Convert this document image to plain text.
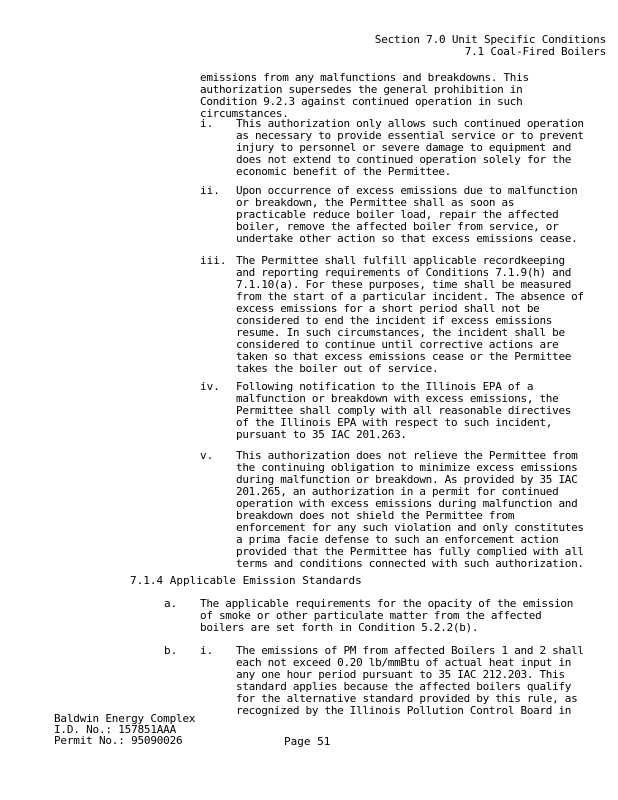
Section 7.0 Unit Specific Conditions
7.1 Coal-Fired Boilers
emissions from any malfunctions and breakdowns. This authorization supersedes the general prohibition in Condition 9.2.3 against continued operation in such circumstances.
i. This authorization only allows such continued operation as necessary to provide essential service or to prevent injury to personnel or severe damage to equipment and does not extend to continued operation solely for the economic benefit of the Permittee.
ii. Upon occurrence of excess emissions due to malfunction or breakdown, the Permittee shall as soon as practicable reduce boiler load, repair the affected boiler, remove the affected boiler from service, or undertake other action so that excess emissions cease.
iii. The Permittee shall fulfill applicable recordkeeping and reporting requirements of Conditions 7.1.9(h) and 7.1.10(a). For these purposes, time shall be measured from the start of a particular incident. The absence of excess emissions for a short period shall not be considered to end the incident if excess emissions resume. In such circumstances, the incident shall be considered to continue until corrective actions are taken so that excess emissions cease or the Permittee takes the boiler out of service.
iv. Following notification to the Illinois EPA of a malfunction or breakdown with excess emissions, the Permittee shall comply with all reasonable directives of the Illinois EPA with respect to such incident, pursuant to 35 IAC 201.263.
v. This authorization does not relieve the Permittee from the continuing obligation to minimize excess emissions during malfunction or breakdown. As provided by 35 IAC 201.265, an authorization in a permit for continued operation with excess emissions during malfunction and breakdown does not shield the Permittee from enforcement for any such violation and only constitutes a prima facie defense to such an enforcement action provided that the Permittee has fully complied with all terms and conditions connected with such authorization.
7.1.4 Applicable Emission Standards
a. The applicable requirements for the opacity of the emission of smoke or other particulate matter from the affected boilers are set forth in Condition 5.2.2(b).
b. i. The emissions of PM from affected Boilers 1 and 2 shall each not exceed 0.20 lb/mmBtu of actual heat input in any one hour period pursuant to 35 IAC 212.203. This standard applies because the affected boilers qualify for the alternative standard provided by this rule, as recognized by the Illinois Pollution Control Board in
Baldwin Energy Complex
I.D. No.: 157851AAA
Permit No.: 95090026	Page 51
